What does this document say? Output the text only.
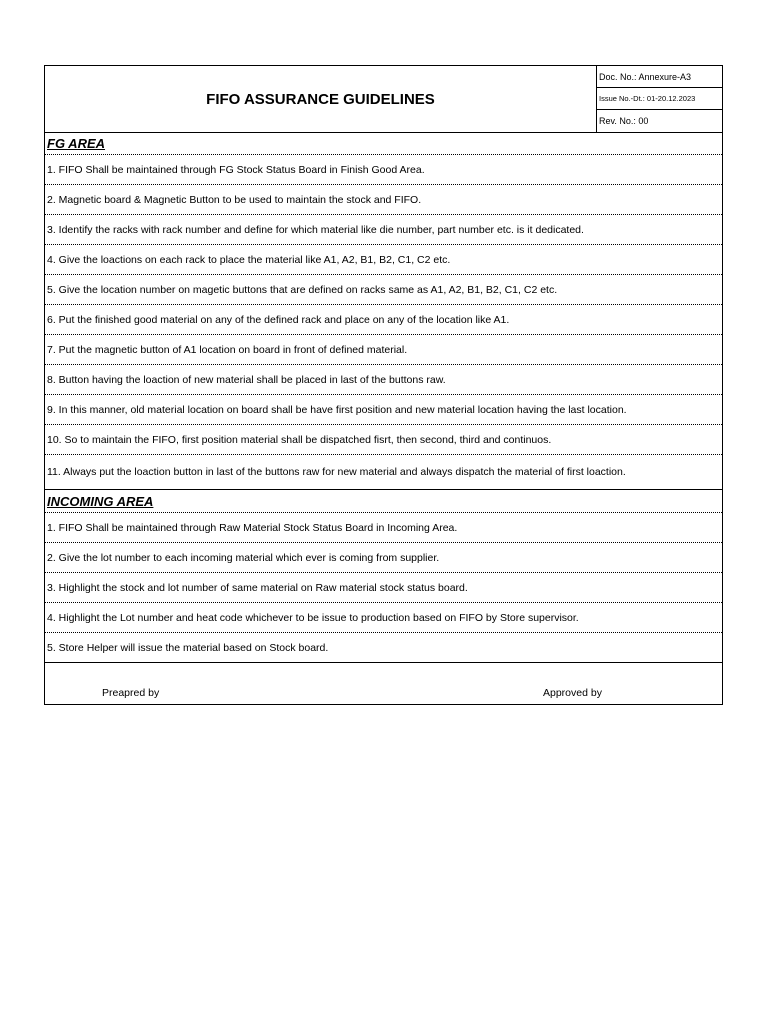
FIFO ASSURANCE GUIDELINES
Doc. No.: Annexure-A3
Issue No.-Dt.: 01-20.12.2023
Rev. No.: 00
FG AREA
1. FIFO Shall be maintained through FG Stock Status Board in Finish Good Area.
2. Magnetic board & Magnetic Button to be used to maintain the stock and FIFO.
3. Identify the racks with rack number and define for which material like die number, part number etc. is it dedicated.
4. Give the loactions on each rack to place the material like A1, A2, B1, B2, C1, C2 etc.
5. Give the location number on magetic buttons that are defined on racks same as A1, A2, B1, B2, C1, C2 etc.
6. Put the finished good material on any of the defined rack and place on any of the location like A1.
7. Put the magnetic button of A1 location on board in front of defined material.
8. Button having the loaction of new material shall be placed in last of the buttons raw.
9. In this manner, old material location on board shall be have first position and new material location having the last location.
10. So to maintain the FIFO, first position material shall be dispatched fisrt, then second, third and continuos.
11. Always put the loaction button in last of the buttons raw for new material and always dispatch the material of first loaction.
INCOMING AREA
1. FIFO Shall be maintained through Raw Material Stock Status Board in Incoming Area.
2. Give the lot number to each incoming material which ever is coming from supplier.
3. Highlight the stock and lot number of same material on Raw material stock status board.
4. Highlight the Lot number and heat code whichever to be issue to production based on FIFO by Store supervisor.
5. Store Helper will issue the material based on Stock board.
Preapred by	Approved by
